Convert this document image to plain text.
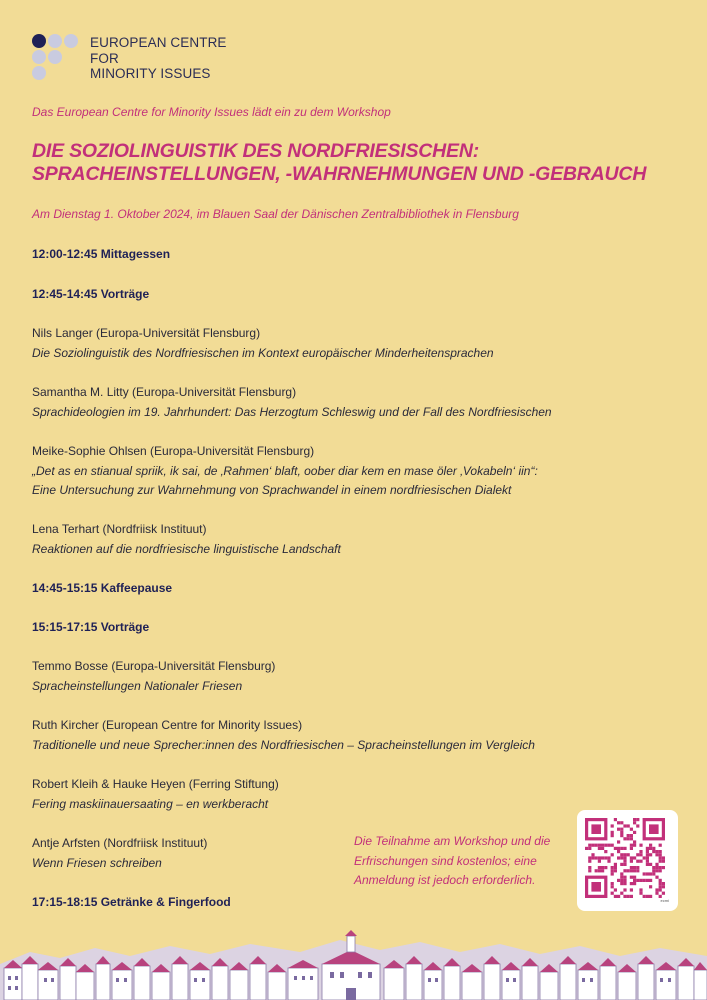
EUROPEAN CENTRE
FOR
MINORITY ISSUES
Das European Centre for Minority Issues lädt ein zu dem Workshop
DIE SOZIOLINGUISTIK DES NORDFRIESISCHEN:
SPRACHEINSTELLUNGEN, -WAHRNEHMUNGEN UND -GEBRAUCH
Am Dienstag 1. Oktober 2024, im Blauen Saal der Dänischen Zentralbibliothek in Flensburg
12:00-12:45 Mittagessen
12:45-14:45 Vorträge
Nils Langer (Europa-Universität Flensburg)
Die Soziolinguistik des Nordfriesischen im Kontext europäischer Minderheitensprachen
Samantha M. Litty (Europa-Universität Flensburg)
Sprachideologien im 19. Jahrhundert: Das Herzogtum Schleswig und der Fall des Nordfriesischen
Meike-Sophie Ohlsen (Europa-Universität Flensburg)
„Det as en stianual spriik, ik sai, de ‚Rahmen‘ blaft, oober diar kem en mase öler ‚Vokabeln‘ iin“:
Eine Untersuchung zur Wahrnehmung von Sprachwandel in einem nordfriesischen Dialekt
Lena Terhart (Nordfriisk Instituut)
Reaktionen auf die nordfriesische linguistische Landschaft
14:45-15:15 Kaffeepause
15:15-17:15 Vorträge
Temmo Bosse (Europa-Universität Flensburg)
Spracheinstellungen Nationaler Friesen
Ruth Kircher (European Centre for Minority Issues)
Traditionelle und neue Sprecher:innen des Nordfriesischen – Spracheinstellungen im Vergleich
Robert Kleih & Hauke Heyen (Ferring Stiftung)
Fering maskiinauersaating – en werkberacht
Antje Arfsten (Nordfriisk Instituut)
Wenn Friesen schreiben
17:15-18:15 Getränke & Fingerfood
Die Teilnahme am Workshop und die
Erfrischungen sind kostenlos; eine
Anmeldung ist jedoch erforderlich.
ecmi
